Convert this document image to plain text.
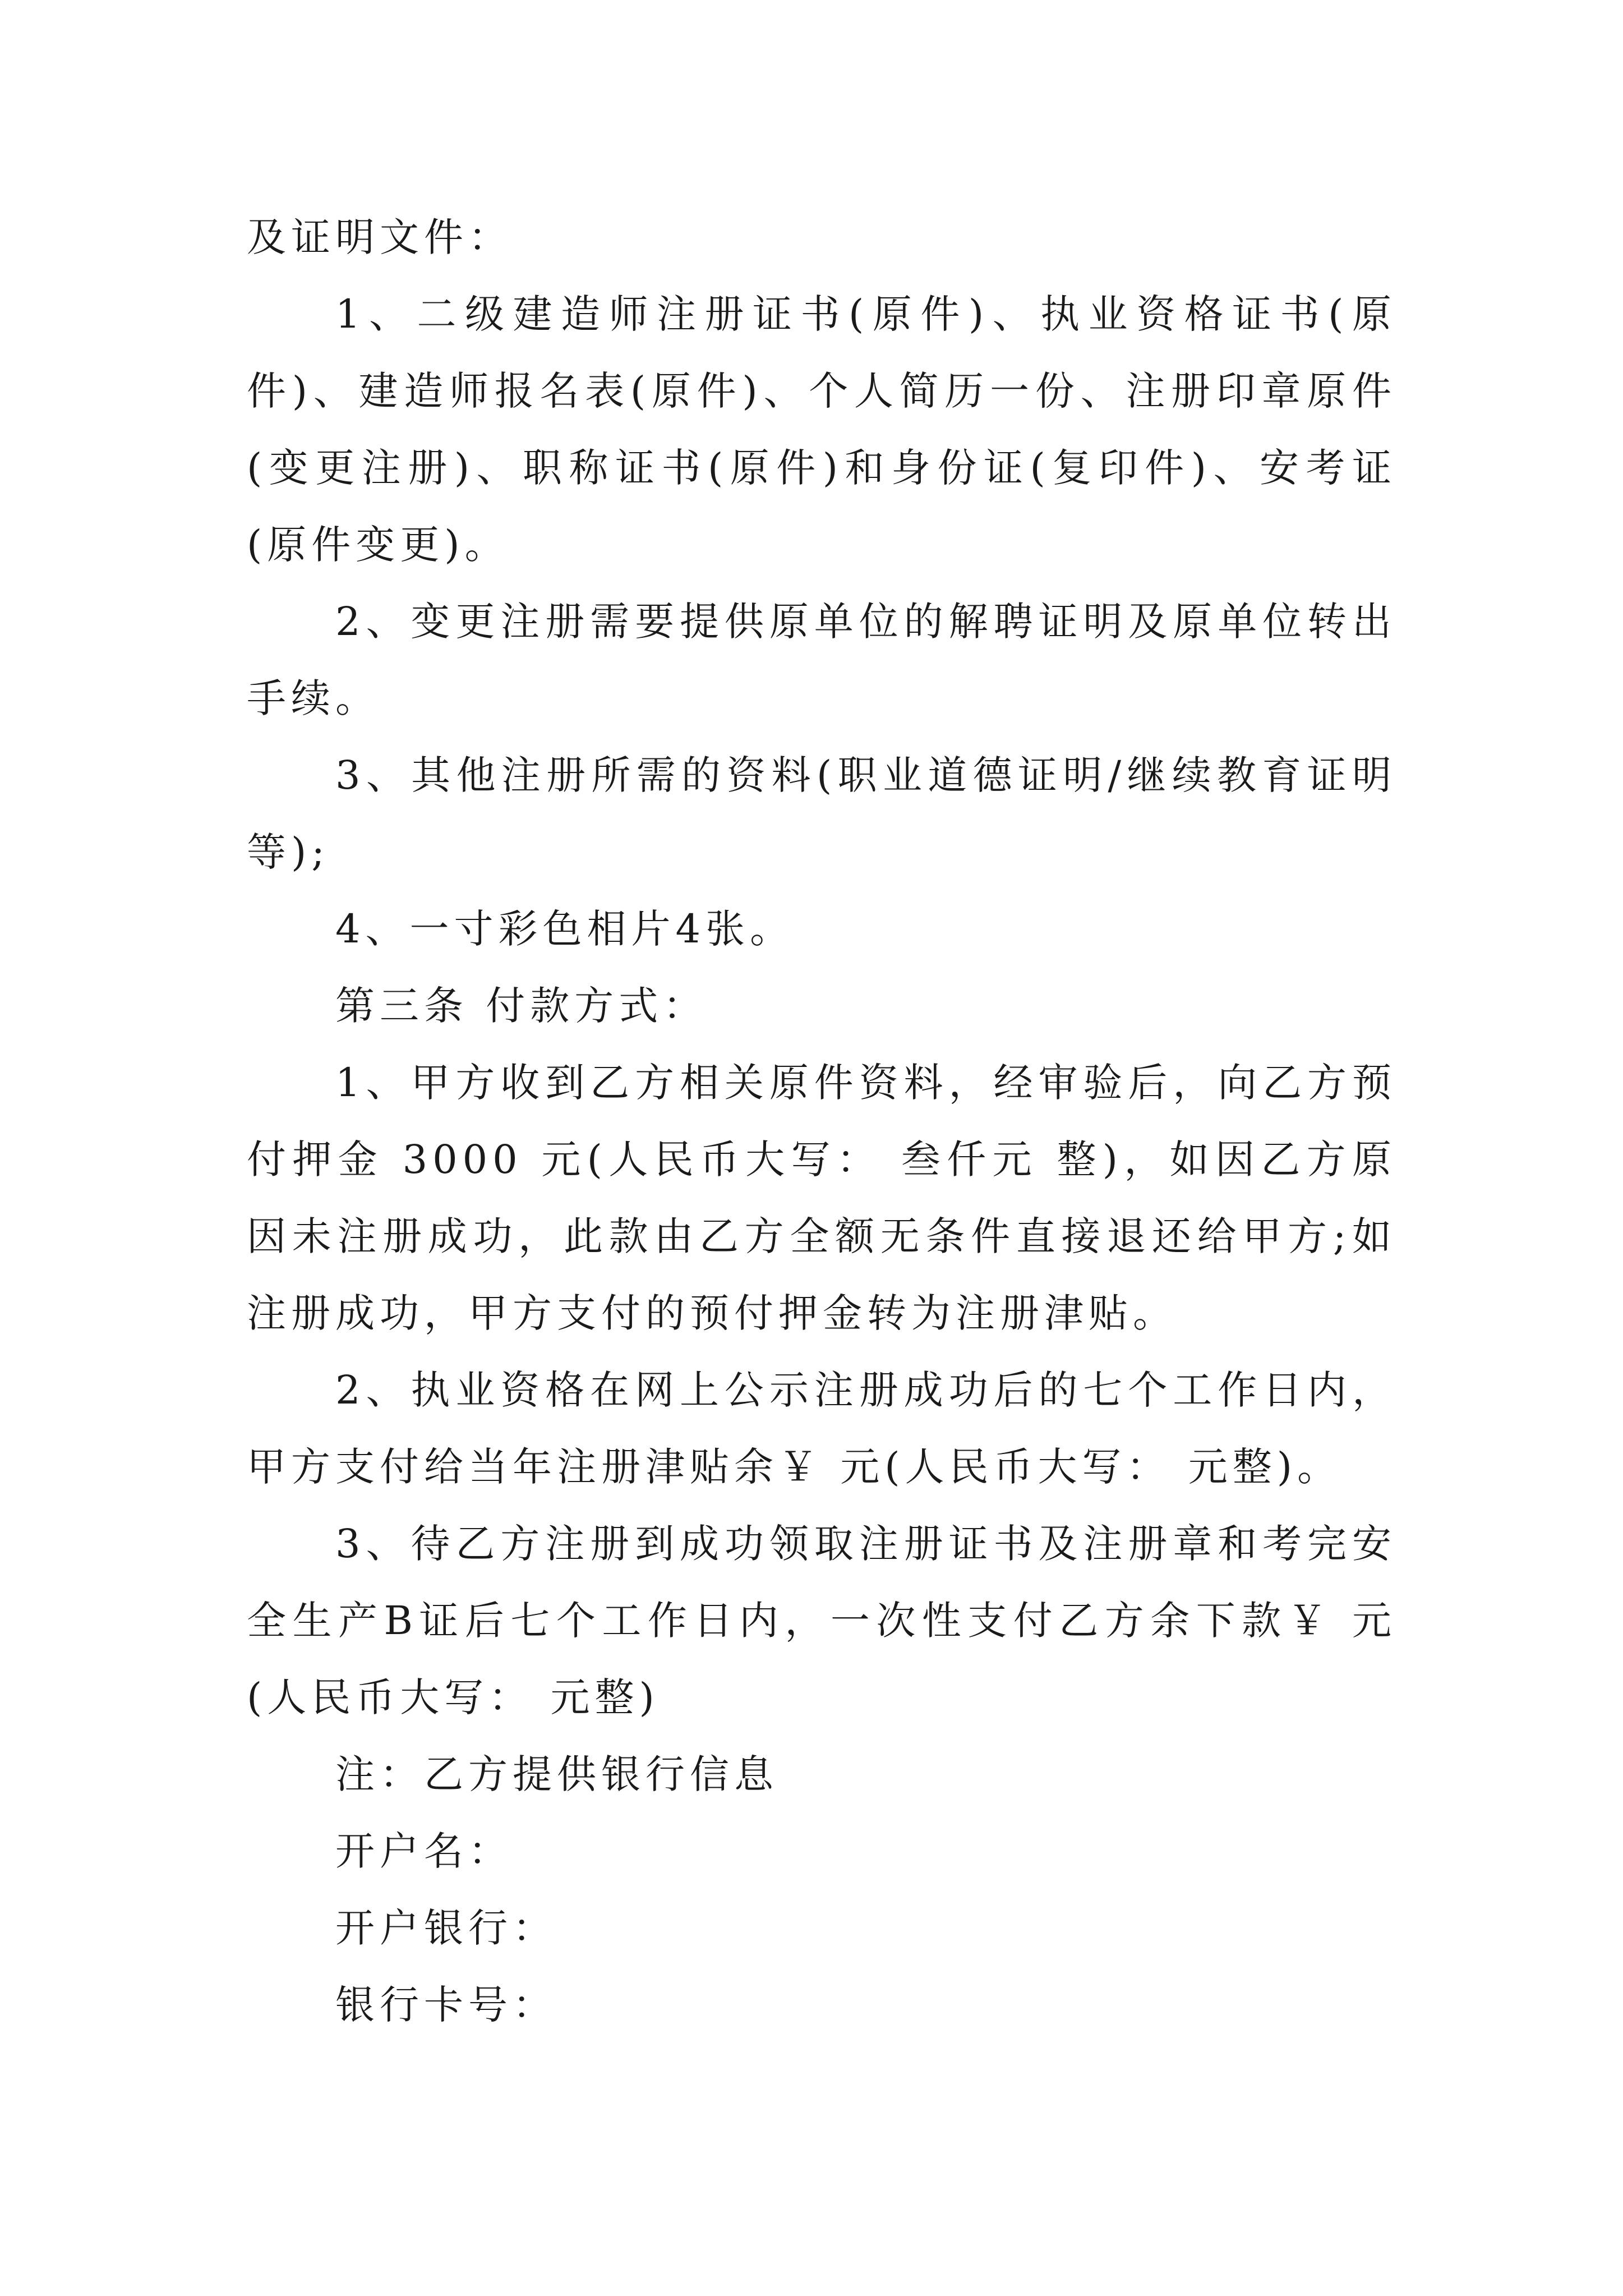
及证明文件：

1、二级建造师注册证书(原件)、执业资格证书(原件)、建造师报名表(原件)、个人简历一份、注册印章原件(变更注册)、职称证书(原件)和身份证(复印件)、安考证(原件变更)。

2、变更注册需要提供原单位的解聘证明及原单位转出手续。

3、其他注册所需的资料(职业道德证明/继续教育证明等);

4、一寸彩色相片4张。

第三条 付款方式：

1、甲方收到乙方相关原件资料，经审验后，向乙方预付押金 3000 元(人民币大写： 叁仟元 整)，如因乙方原因未注册成功，此款由乙方全额无条件直接退还给甲方;如注册成功，甲方支付的预付押金转为注册津贴。

2、执业资格在网上公示注册成功后的七个工作日内，甲方支付给当年注册津贴余￥ 元(人民币大写： 元整)。

3、待乙方注册到成功领取注册证书及注册章和考完安全生产B证后七个工作日内，一次性支付乙方余下款￥ 元(人民币大写： 元整)

注：乙方提供银行信息

开户名：

开户银行：

银行卡号：
